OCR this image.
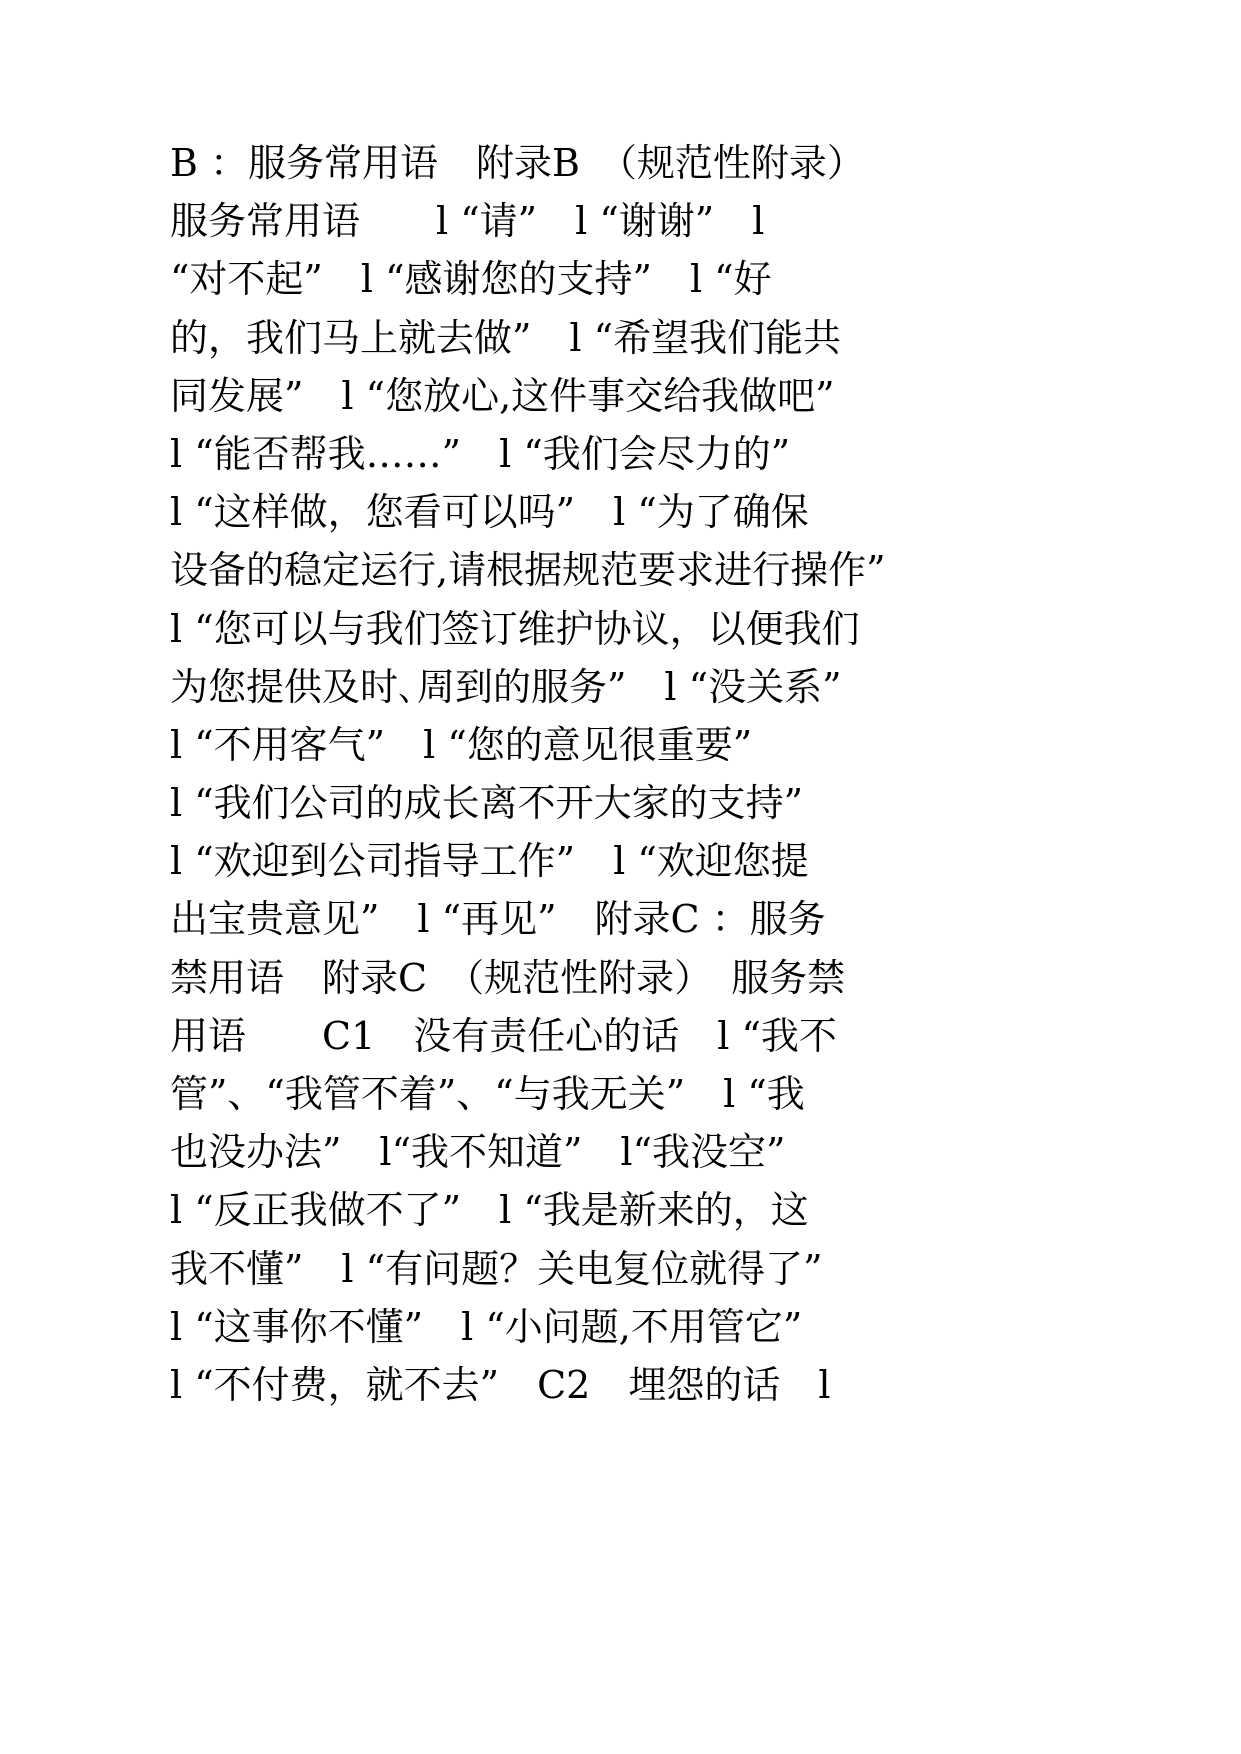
B ：服务常用语　附录B　（规范性附录）
服务常用语　　l “请”　l “谢谢”　l
“对不起”　l “感谢您的支持”　l “好
的，我们马上就去做”　l “希望我们能共
同发展”　l “您放心,这件事交给我做吧”
l “能否帮我……”　l “我们会尽力的”
l “这样做，您看可以吗”　l “为了确保
设备的稳定运行,请根据规范要求进行操作”
l “您可以与我们签订维护协议，以便我们
为您提供及时､周到的服务”　l “没关系”
l “不用客气”　l “您的意见很重要”
l “我们公司的成长离不开大家的支持”
l “欢迎到公司指导工作”　l “欢迎您提
出宝贵意见”　l “再见”　附录C ：服务
禁用语　附录C　（规范性附录）　服务禁
用语　　C1　没有责任心的话　l “我不
管”、“我管不着”、“与我无关”　l “我
也没办法”　l“我不知道”　l“我没空”
l “反正我做不了”　l “我是新来的，这
我不懂”　l “有问题？关电复位就得了”
l “这事你不懂”　l “小问题,不用管它”
l “不付费，就不去”　C2　埋怨的话　l
